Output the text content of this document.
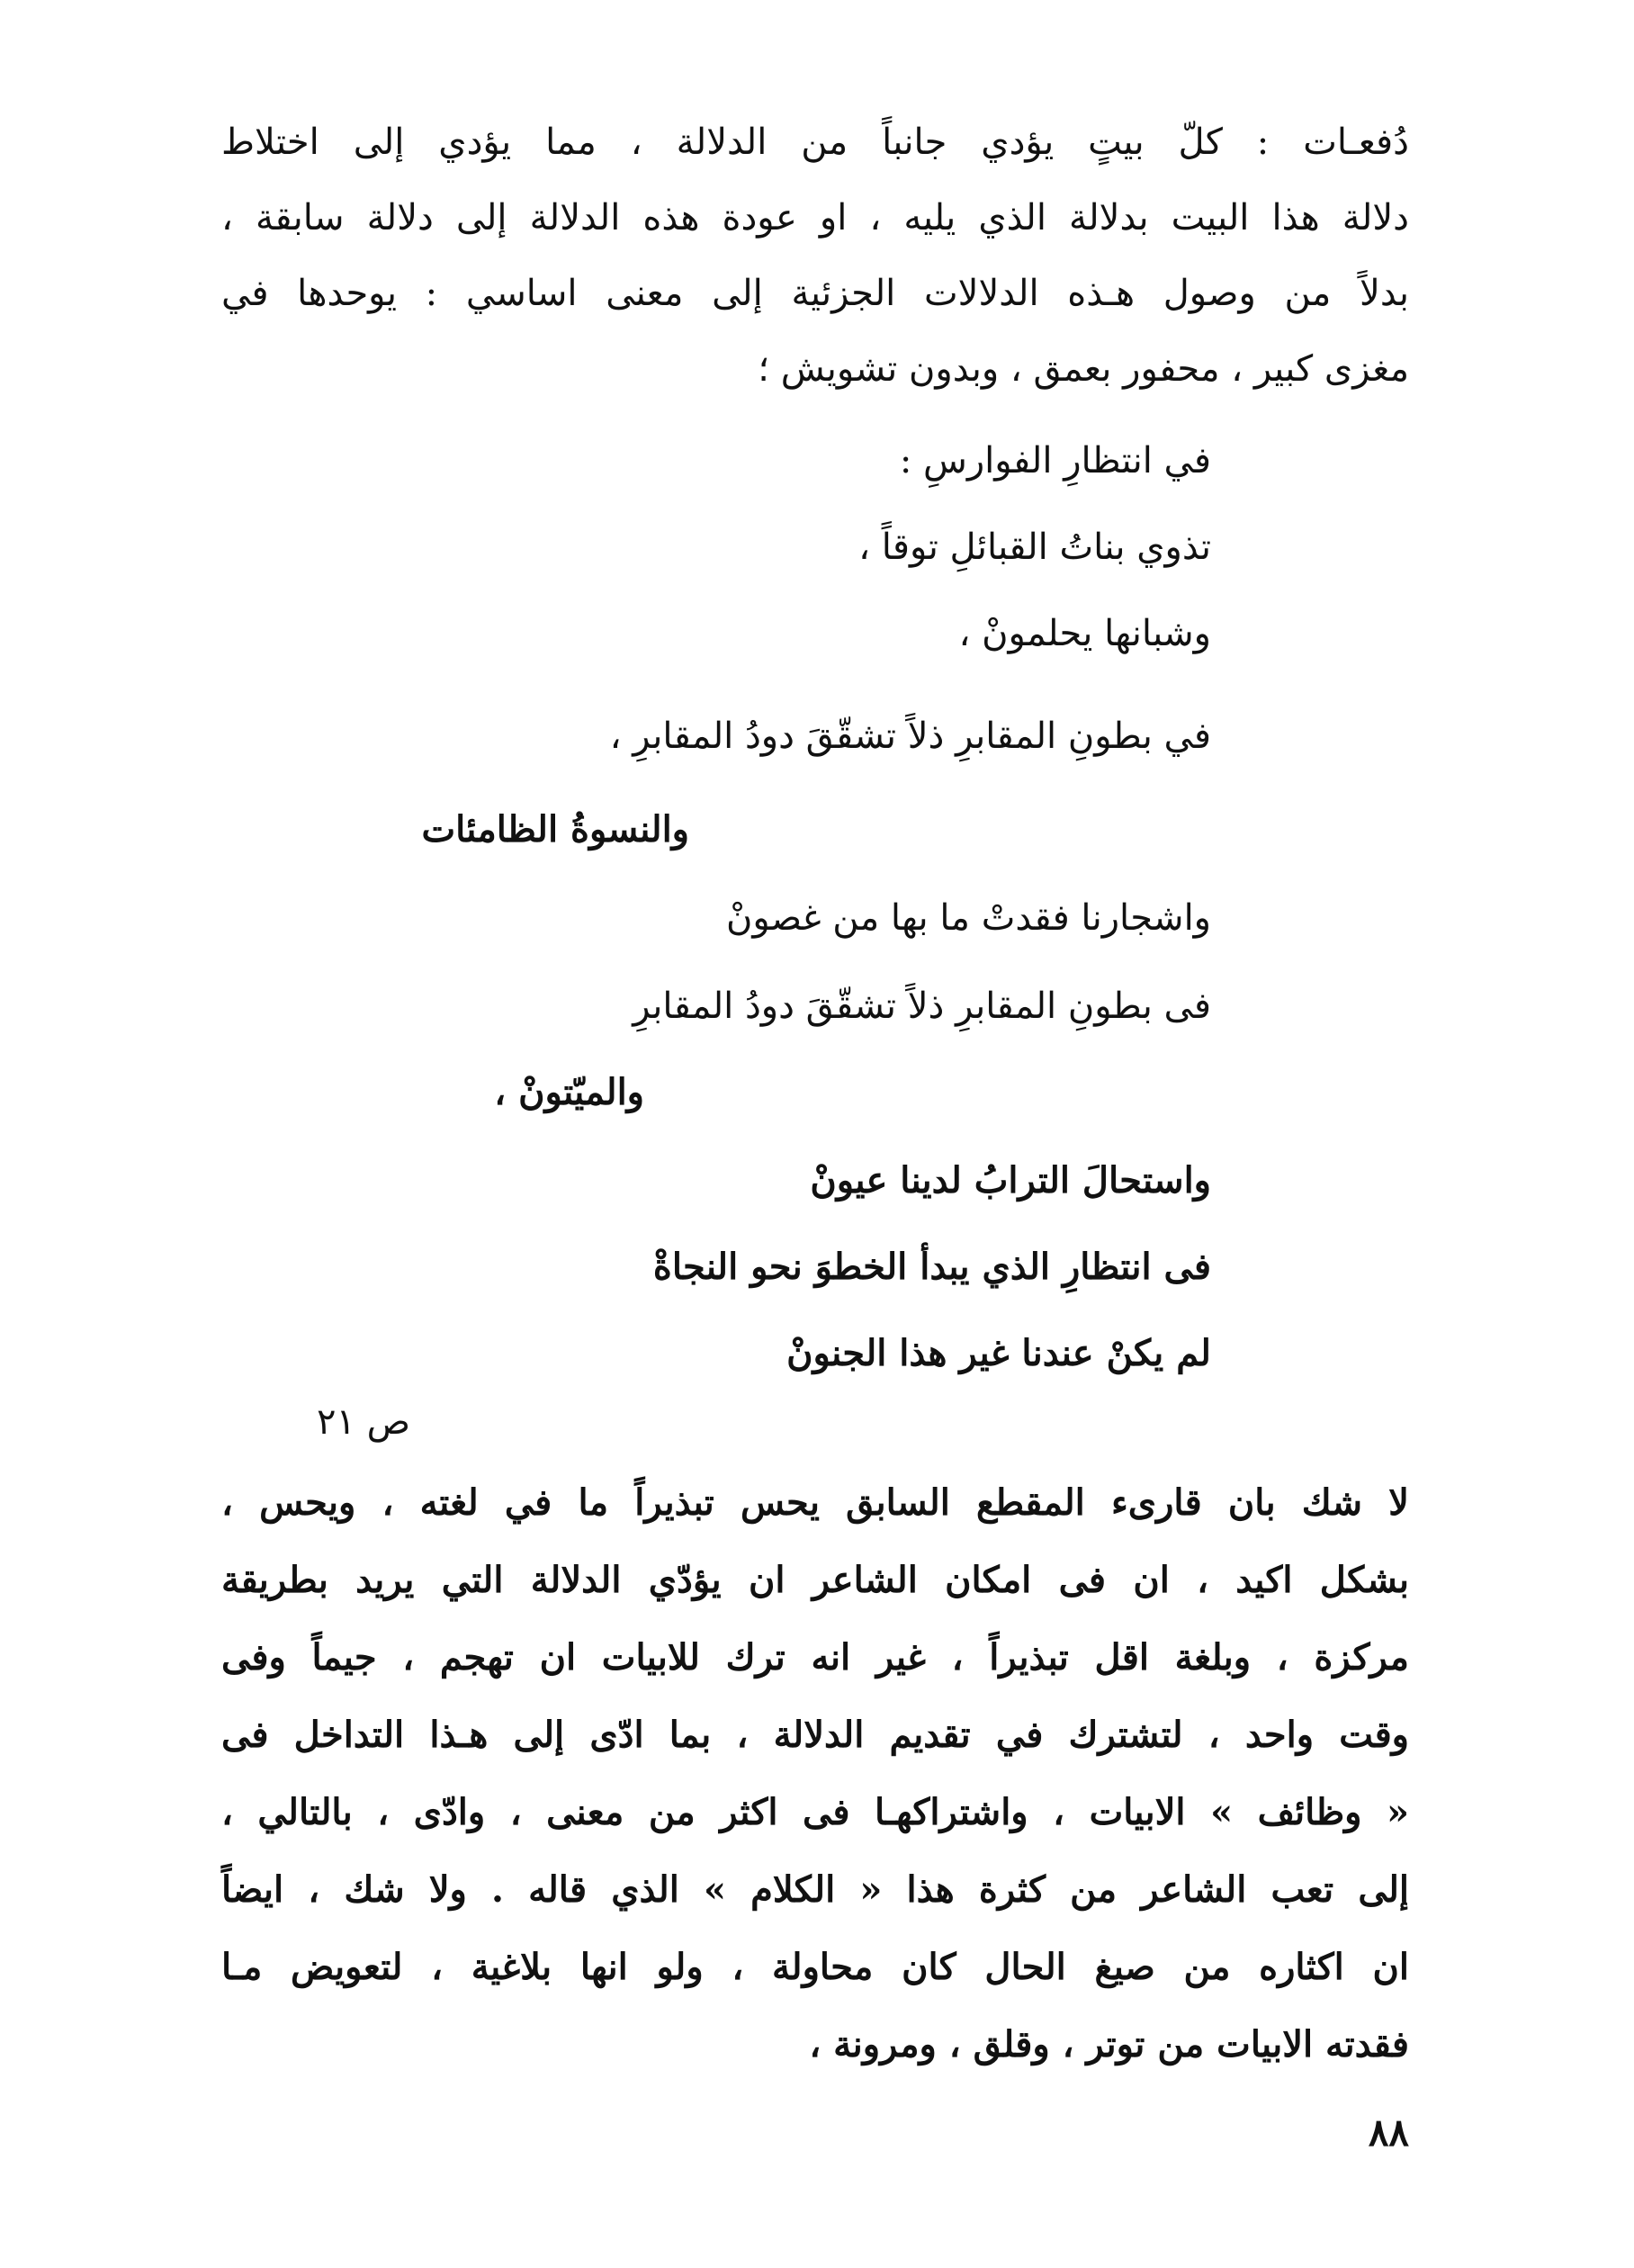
دُفعـات : كلّ بيتٍ يؤدي جانباً من الدلالة ، مما يؤدي إلى اختلاط
دلالة هذا البيت بدلالة الذي يليه ، او عودة هذه الدلالة إلى دلالة سابقة ،
بدلاً من وصول هـذه الدلالات الجزئية إلى معنى اساسي : يوحدها في
مغزى كبير ، محفور بعمق ، وبدون تشويش ؛
في انتظارِ الفوارسِ :
تذوي بناتُ القبائلِ توقاً ،
وشبانها يحلمونْ ،
في بطونِ المقابرِ ذلاً تشقّقَ دودُ المقابرِ ،
والنسوةُ الظامئات
واشجارنا فقدتْ ما بها من غصونْ
فى بطونِ المقابرِ ذلاً تشقّقَ دودُ المقابرِ
والميّتونْ ،
واستحالَ الترابُ لدينا عيونْ
فى انتظارِ الذي يبدأ الخطوَ نحو النجاةْ
لم يكنْ عندنا غير هذا الجنونْ
ص ٢١
لا شك بان قارىء المقطع السابق يحس تبذيراً ما في لغته ، ويحس ،
بشكل اكيد ، ان فى امكان الشاعر ان يؤدّي الدلالة التي يريد بطريقة
مركزة ، وبلغة اقل تبذيراً ، غير انه ترك للابيات ان تهجم ، جيماً وفى
وقت واحد ، لتشترك في تقديم الدلالة ، بما ادّى إلى هـذا التداخل فى
« وظائف » الابيات ، واشتراكهـا فى اكثر من معنى ، وادّى ، بالتالي ،
إلى تعب الشاعر من كثرة هذا « الكلام » الذي قاله . ولا شك ، ايضاً
ان اكثاره من صيغ الحال كان محاولة ، ولو انها بلاغية ، لتعويض مـا
فقدته الابيات من توتر ، وقلق ، ومرونة ،
٨٨
